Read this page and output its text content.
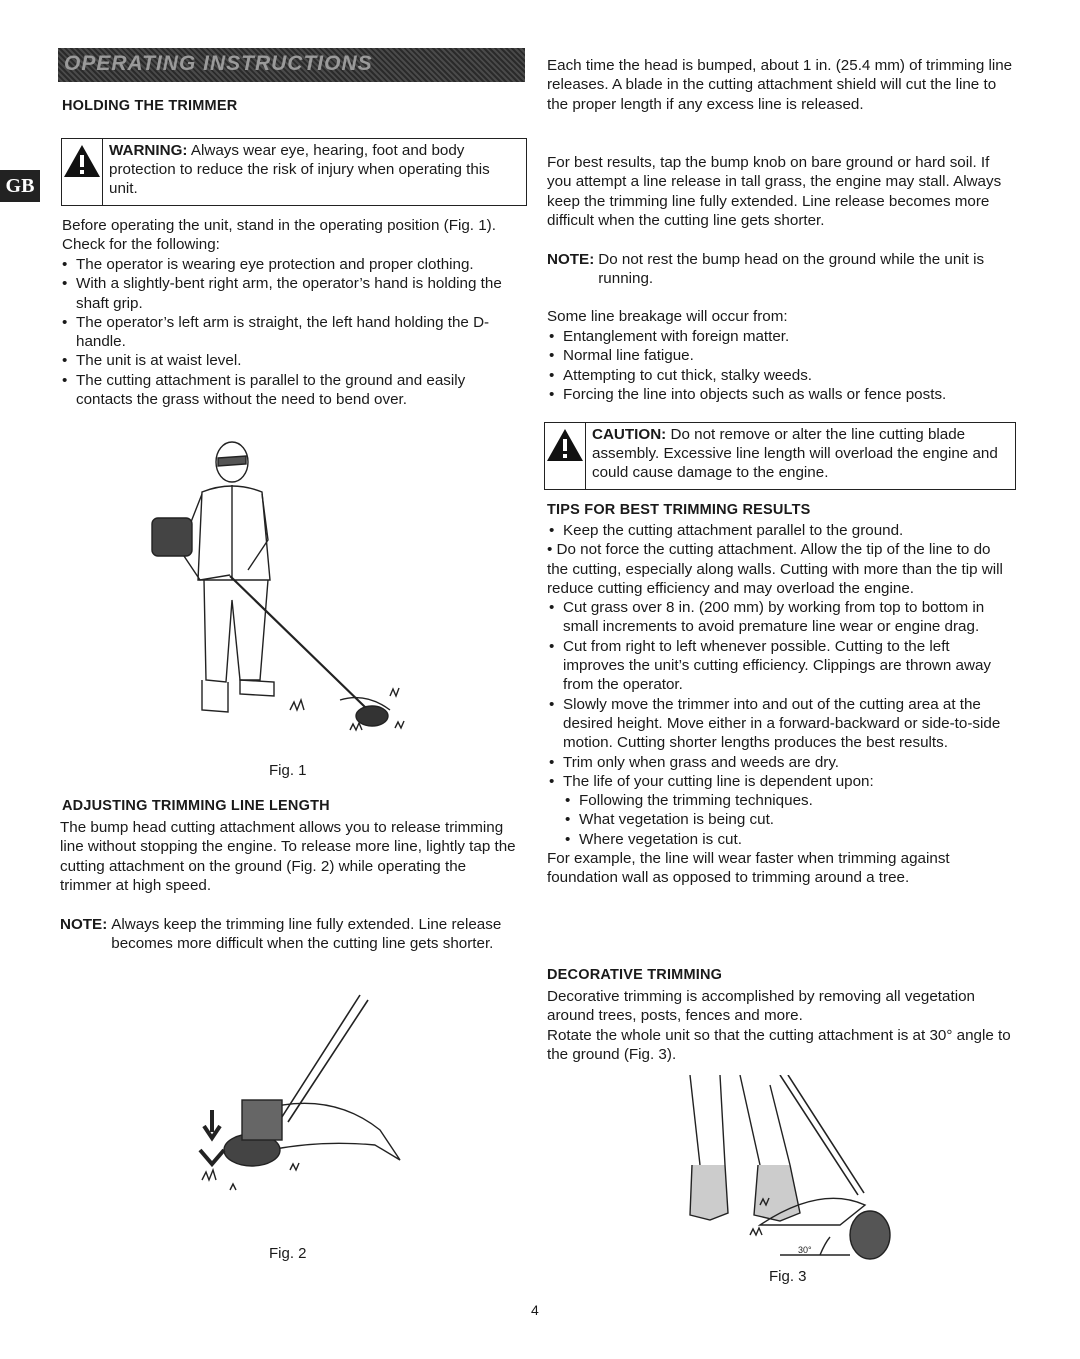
OPERATING INSTRUCTIONS
GB
HOLDING THE TRIMMER
WARNING: Always wear eye, hearing, foot and body protection to reduce the risk of injury when operating this unit.

Before operating the unit, stand in the operating position (Fig. 1). Check for the following:

• The operator is wearing eye protection and proper clothing.
• With a slightly-bent right arm, the operator’s hand is holding the shaft grip.
• The operator’s left arm is straight, the left hand holding the D-handle.
• The unit is at waist level.
• The cutting attachment is parallel to the ground and easily contacts the grass without the need to bend over.
Fig. 1
ADJUSTING TRIMMING LINE LENGTH

The bump head cutting attachment allows you to release trimming line without stopping the engine. To release more line, lightly tap the cutting attachment on the ground (Fig. 2) while operating the trimmer at high speed.

NOTE: Always keep the trimming line fully extended. Line release becomes more difficult when the cutting line gets shorter.
Fig. 2

Each time the head is bumped, about 1 in. (25.4 mm) of trimming line releases. A blade in the cutting attachment shield will cut the line to the proper length if any excess line is released.

For best results, tap the bump knob on bare ground or hard soil. If you attempt a line release in tall grass, the engine may stall. Always keep the trimming line fully extended. Line release becomes more difficult when the cutting line gets shorter.

NOTE: Do not rest the bump head on the ground while the unit is running.

Some line breakage will occur from:

• Entanglement with foreign matter.
• Normal line fatigue.
• Attempting to cut thick, stalky weeds.
• Forcing the line into objects such as walls or fence posts.
CAUTION: Do not remove or alter the line cutting blade assembly. Excessive line length will overload the engine and could cause damage to the engine.
TIPS FOR BEST TRIMMING RESULTS
• Keep the cutting attachment parallel to the ground.

• Do not force the cutting attachment. Allow the tip of the line to do the cutting, especially along walls. Cutting with more than the tip will reduce cutting efficiency and may overload the engine.

• Cut grass over 8 in. (200 mm) by working from top to bottom in small increments to avoid premature line wear or engine drag.
• Cut from right to left whenever possible. Cutting to the left improves the unit’s cutting efficiency. Clippings are thrown away from the operator.
• Slowly move the trimmer into and out of the cutting area at the desired height. Move either in a forward-backward or side-to-side motion. Cutting shorter lengths produces the best results.
• Trim only when grass and weeds are dry.
• The life of your cutting line is dependent upon:
• Following the trimming techniques.
• What vegetation is being cut.
• Where vegetation is cut.

For example, the line will wear faster when trimming against foundation wall as opposed to trimming around a tree.

DECORATIVE TRIMMING

Decorative trimming is accomplished by removing all vegetation around trees, posts, fences and more.

Rotate the whole unit so that the cutting attachment is at 30° angle to the ground (Fig. 3).

30°
Fig. 3
4
